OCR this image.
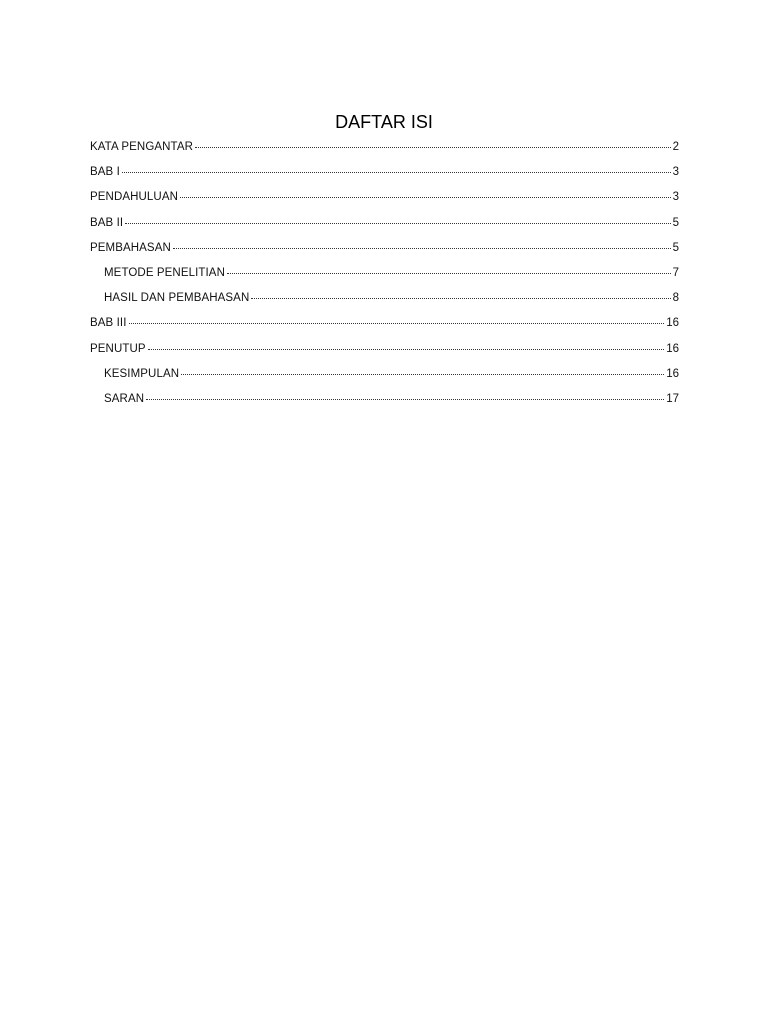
DAFTAR ISI
KATA PENGANTAR	2
BAB I	3
PENDAHULUAN	3
BAB II	5
PEMBAHASAN	5
METODE PENELITIAN	7
HASIL DAN PEMBAHASAN	8
BAB III	16
PENUTUP	16
KESIMPULAN	16
SARAN	17
